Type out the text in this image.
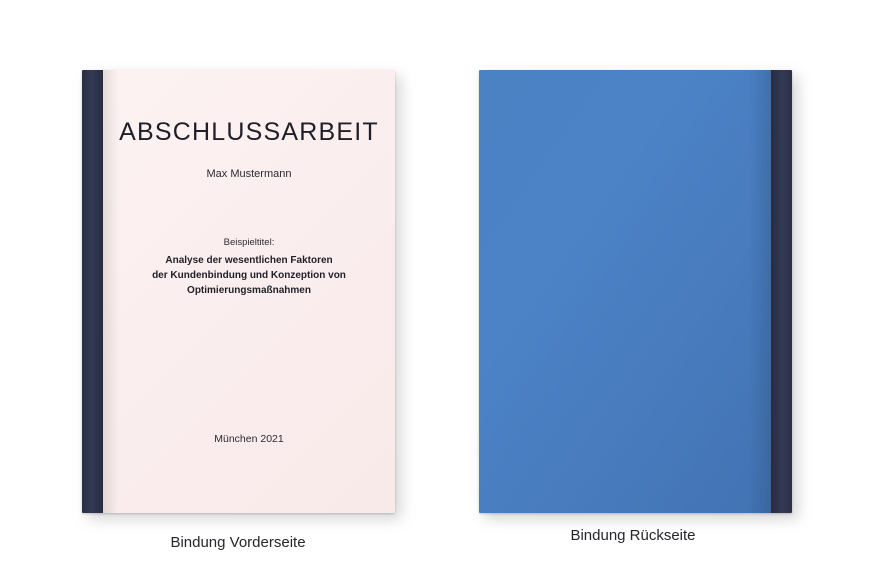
ABSCHLUSSARBEIT
Max Mustermann
Beispieltitel:
Analyse der wesentlichen Faktoren
der Kundenbindung und Konzeption von
Optimierungsmaßnahmen
München 2021
Bindung Vorderseite	Bindung Rückseite
